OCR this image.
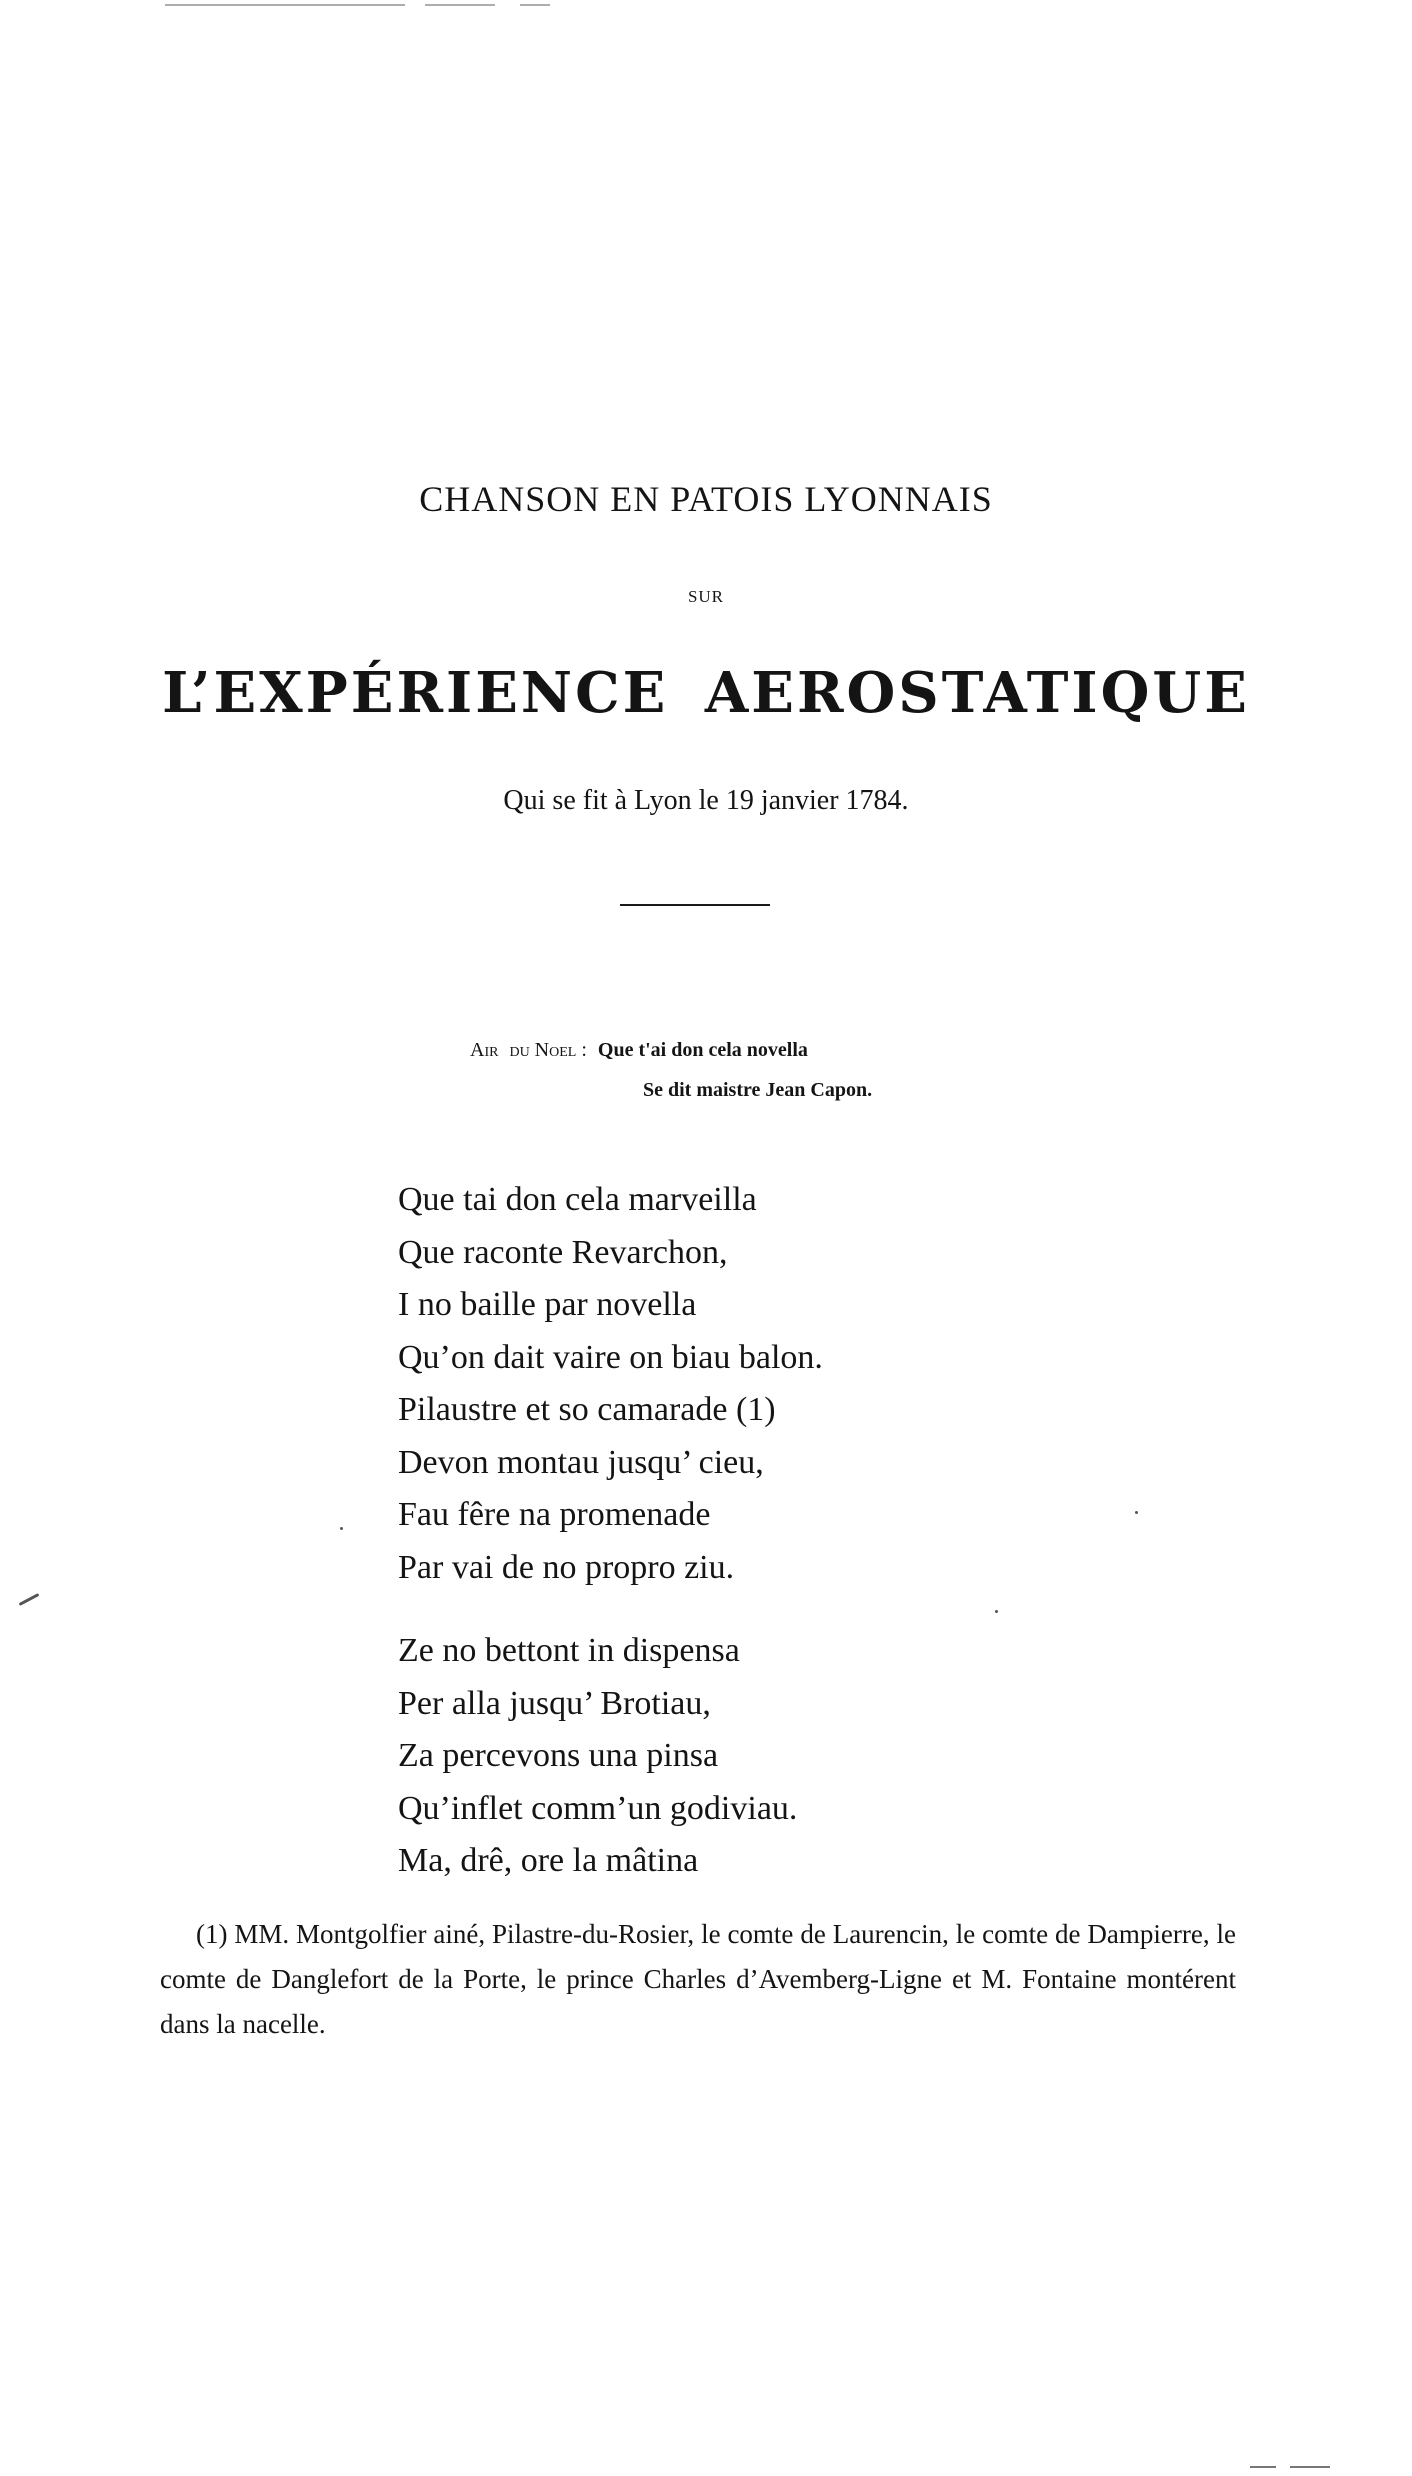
CHANSON EN PATOIS LYONNAIS
SUR
L’EXPÉRIENCE AEROSTATIQUE
Qui se fit à Lyon le 19 janvier 1784.
Air du Noel : Que t'ai don cela novella
Se dit maistre Jean Capon.
Que tai don cela marveilla
Que raconte Revarchon,
I no baille par novella
Qu’on dait vaire on biau balon.
Pilaustre et so camarade (1)
Devon montau jusqu’ cieu,
Fau fêre na promenade
Par vai de no propro ziu.
Ze no bettont in dispensa
Per alla jusqu’ Brotiau,
Za percevons una pinsa
Qu’inflet comm’un godiviau.
Ma, drê, ore la mâtina
(1) MM. Montgolfier ainé, Pilastre-du-Rosier, le comte de Laurencin, le comte de Dampierre, le comte de Danglefort de la Porte, le prince Charles d’Avemberg-Ligne et M. Fontaine montérent dans la nacelle.
